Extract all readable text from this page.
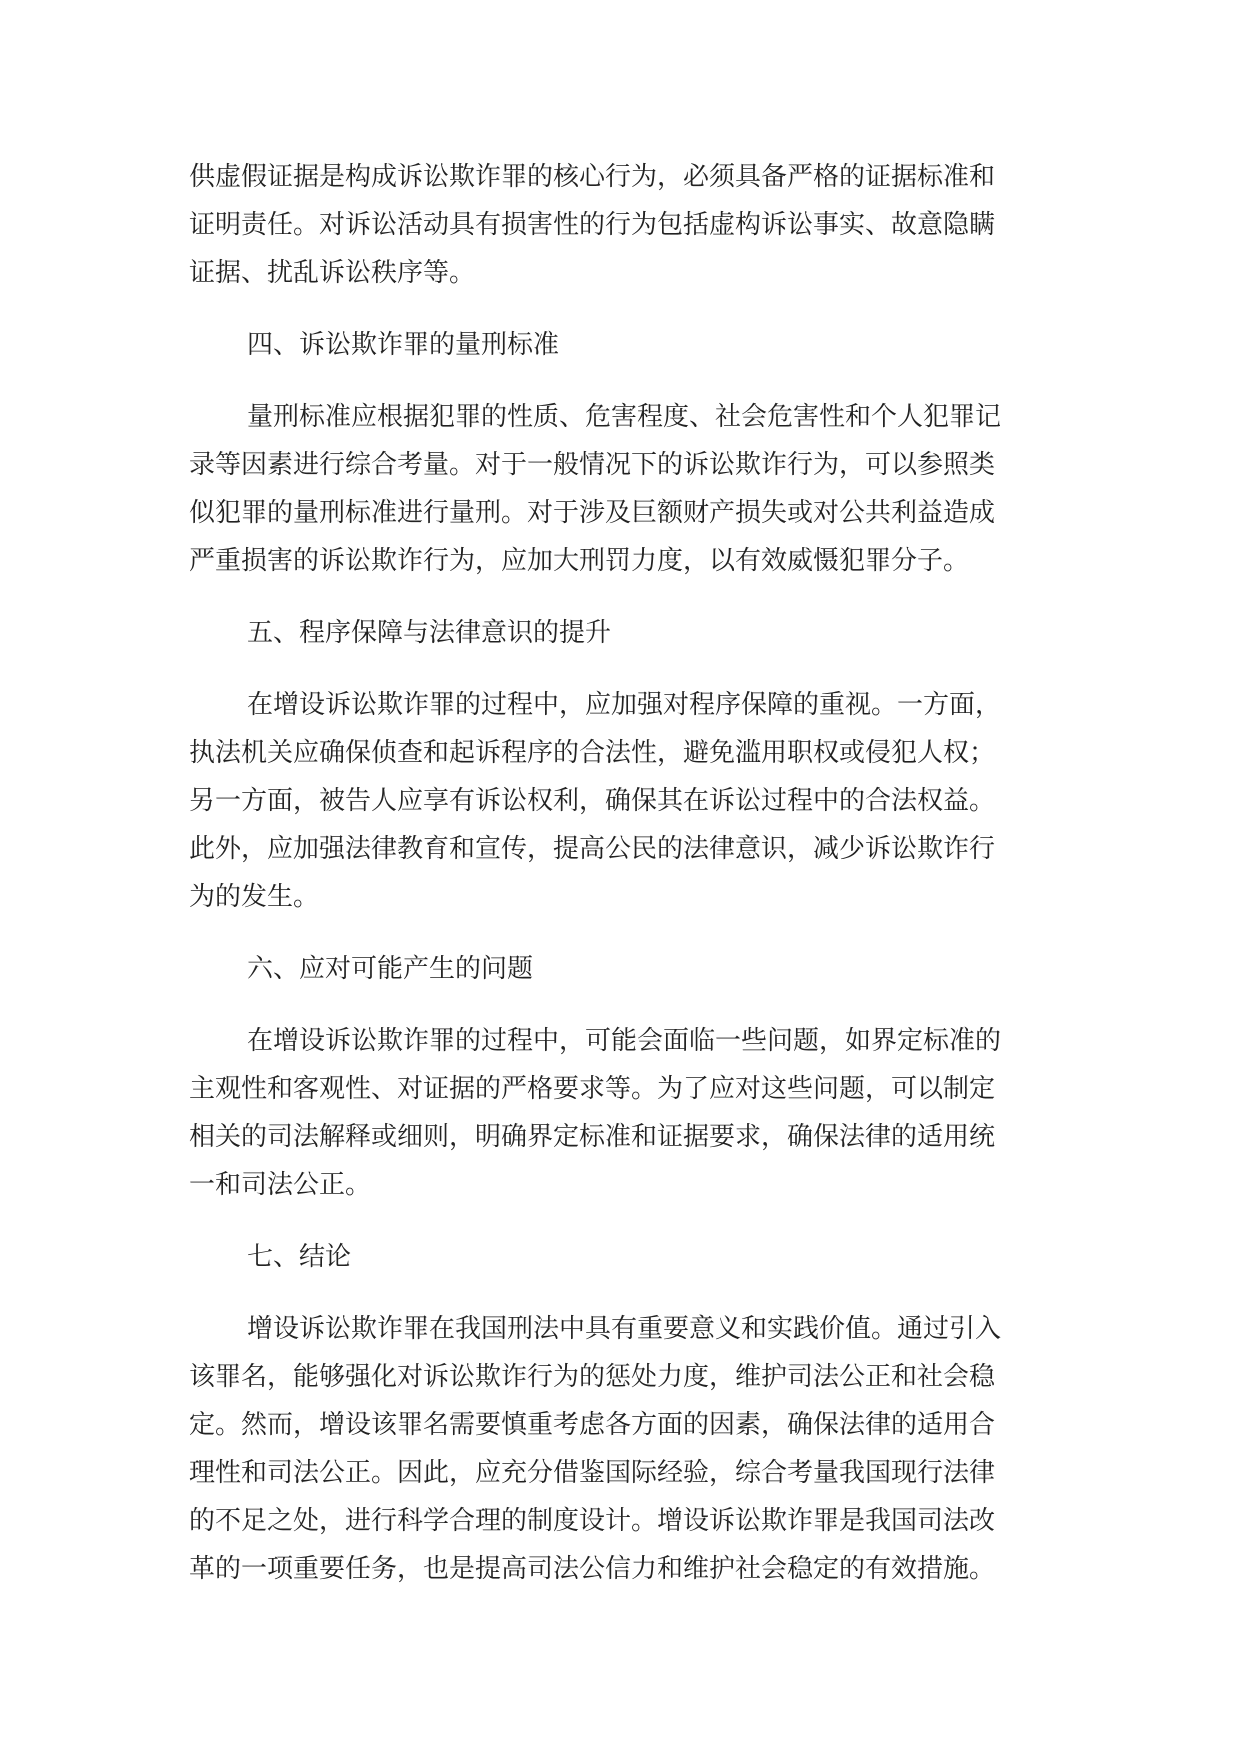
供虚假证据是构成诉讼欺诈罪的核心行为，必须具备严格的证据标准和
证明责任。对诉讼活动具有损害性的行为包括虚构诉讼事实、故意隐瞒
证据、扰乱诉讼秩序等。
四、诉讼欺诈罪的量刑标准
量刑标准应根据犯罪的性质、危害程度、社会危害性和个人犯罪记
录等因素进行综合考量。对于一般情况下的诉讼欺诈行为，可以参照类
似犯罪的量刑标准进行量刑。对于涉及巨额财产损失或对公共利益造成
严重损害的诉讼欺诈行为，应加大刑罚力度，以有效威慑犯罪分子。
五、程序保障与法律意识的提升
在增设诉讼欺诈罪的过程中，应加强对程序保障的重视。一方面，
执法机关应确保侦查和起诉程序的合法性，避免滥用职权或侵犯人权；
另一方面，被告人应享有诉讼权利，确保其在诉讼过程中的合法权益。
此外，应加强法律教育和宣传，提高公民的法律意识，减少诉讼欺诈行
为的发生。
六、应对可能产生的问题
在增设诉讼欺诈罪的过程中，可能会面临一些问题，如界定标准的
主观性和客观性、对证据的严格要求等。为了应对这些问题，可以制定
相关的司法解释或细则，明确界定标准和证据要求，确保法律的适用统
一和司法公正。
七、结论
增设诉讼欺诈罪在我国刑法中具有重要意义和实践价值。通过引入
该罪名，能够强化对诉讼欺诈行为的惩处力度，维护司法公正和社会稳
定。然而，增设该罪名需要慎重考虑各方面的因素，确保法律的适用合
理性和司法公正。因此，应充分借鉴国际经验，综合考量我国现行法律
的不足之处，进行科学合理的制度设计。增设诉讼欺诈罪是我国司法改
革的一项重要任务，也是提高司法公信力和维护社会稳定的有效措施。
